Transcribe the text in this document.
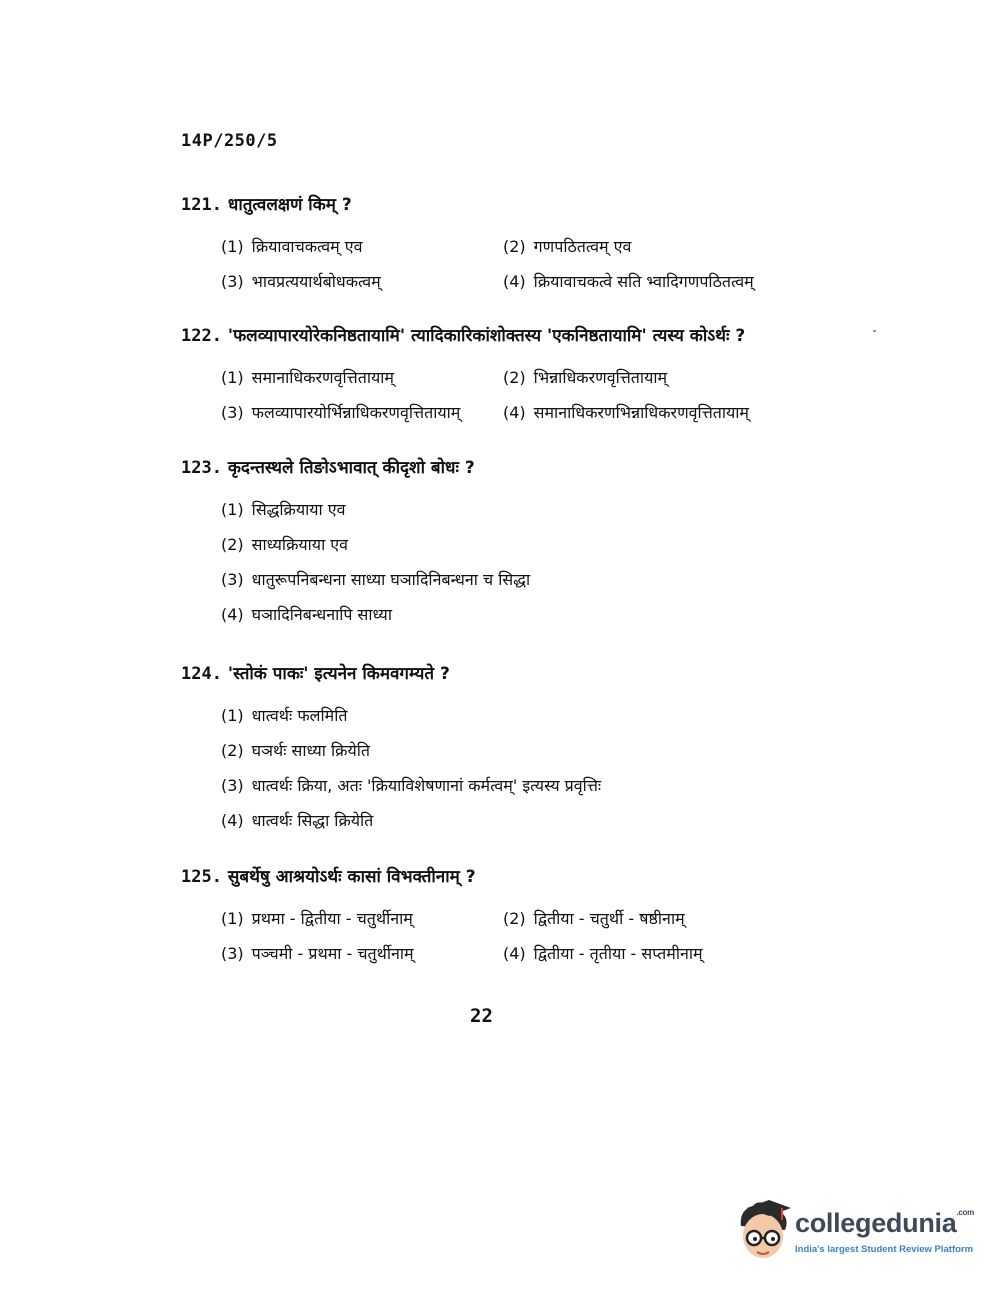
14P/250/5
121. धातुत्वलक्षणं किम् ?
(1) क्रियावाचकत्वम् एव	(2) गणपठितत्वम् एव
(3) भावप्रत्ययार्थबोधकत्वम्	(4) क्रियावाचकत्वे सति भ्वादिगणपठितत्वम्
122. 'फलव्यापारयोरेकनिष्ठतायामि' त्यादिकारिकांशोक्तस्य 'एकनिष्ठतायामि' त्यस्य कोऽर्थः ?
(1) समानाधिकरणवृत्तितायाम्	(2) भिन्नाधिकरणवृत्तितायाम्
(3) फलव्यापारयोर्भिन्नाधिकरणवृत्तितायाम्	(4) समानाधिकरणभिन्नाधिकरणवृत्तितायाम्
123. कृदन्तस्थले तिङोऽभावात् कीदृशो बोधः ?
(1) सिद्धक्रियाया एव
(2) साध्यक्रियाया एव
(3) धातुरूपनिबन्धना साध्या घञादिनिबन्धना च सिद्धा
(4) घञादिनिबन्धनापि साध्या
124. 'स्तोकं पाकः' इत्यनेन किमवगम्यते ?
(1) धात्वर्थः फलमिति
(2) घञर्थः साध्या क्रियेति
(3) धात्वर्थः क्रिया, अतः 'क्रियाविशेषणानां कर्मत्वम्' इत्यस्य प्रवृत्तिः
(4) धात्वर्थः सिद्धा क्रियेति
125. सुबर्थेषु आश्रयोऽर्थः कासां विभक्तीनाम् ?
(1) प्रथमा - द्वितीया - चतुर्थीनाम्	(2) द्वितीया - चतुर्थी - षष्ठीनाम्
(3) पञ्चमी - प्रथमा - चतुर्थीनाम्	(4) द्वितीया - तृतीया - सप्तमीनाम्
22
collegedunia$^{.com}$
India's largest Student Review Platform
